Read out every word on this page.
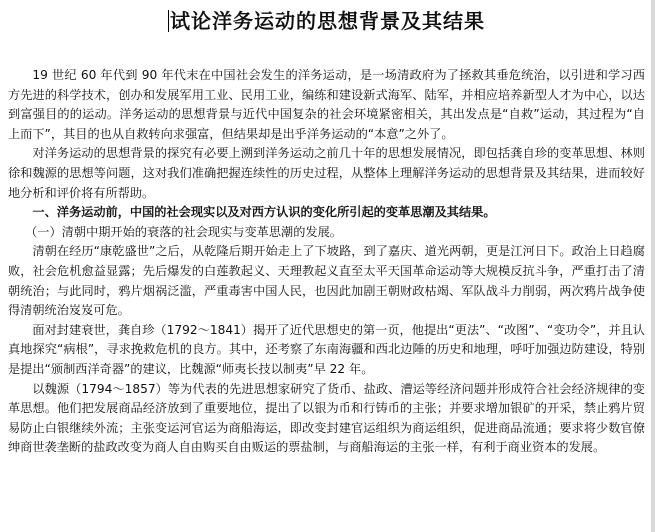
试论洋务运动的思想背景及其结果

19 世纪 60 年代到 90 年代末在中国社会发生的洋务运动，是一场清政府为了拯救其垂危统治，以引进和学习西方先进的科学技术，创办和发展军用工业、民用工业，编练和建设新式海军、陆军，并相应培养新型人才为中心，以达到富强目的的运动。洋务运动的思想背景与近代中国复杂的社会环境紧密相关，其出发点是“自救”运动，其过程为“自上而下”，其目的也从自救转向求强富，但结果却是出乎洋务运动的“本意”之外了。

对洋务运动的思想背景的探究有必要上溯到洋务运动之前几十年的思想发展情况，即包括龚自珍的变革思想、林则徐和魏源的思想等问题，这对我们准确把握连续性的历史过程，从整体上理解洋务运动的思想背景及其结果，进而较好地分析和评价将有所帮助。

一、洋务运动前，中国的社会现实以及对西方认识的变化所引起的变革思潮及其结果。

（一）清朝中期开始的衰落的社会现实与变革思潮的发展。

清朝在经历“康乾盛世”之后，从乾隆后期开始走上了下坡路，到了嘉庆、道光两朝，更是江河日下。政治上日趋腐败，社会危机愈益显露；先后爆发的白莲教起义、天理教起义直至太平天国革命运动等大规模反抗斗争，严重打击了清朝统治；与此同时，鸦片烟祸泛滥，严重毒害中国人民，也因此加剧王朝财政枯竭、军队战斗力削弱，两次鸦片战争使得清朝统治岌岌可危。

面对封建衰世，龚自珍（1792～1841）揭开了近代思想史的第一页，他提出“更法”、“改图”、“变功令”，并且认真地探究“病根”，寻求挽救危机的良方。其中，还考察了东南海疆和西北边陲的历史和地理，呼吁加强边防建设，特别是提出“颁制西洋奇器”的建议，比魏源“师夷长技以制夷”早 22 年。

以魏源（1794～1857）等为代表的先进思想家研究了货币、盐政、漕运等经济问题并形成符合社会经济规律的变革思想。他们把发展商品经济放到了重要地位，提出了以银为币和行铸币的主张；并要求增加银矿的开采，禁止鸦片贸易防止白银继续外流；主张变运河官运为商船海运，即改变封建官运组织为商运组织，促进商品流通；要求将少数官僚绅商世袭垄断的盐政改变为商人自由购买自由贩运的票盐制，与商船海运的主张一样，有利于商业资本的发展。
